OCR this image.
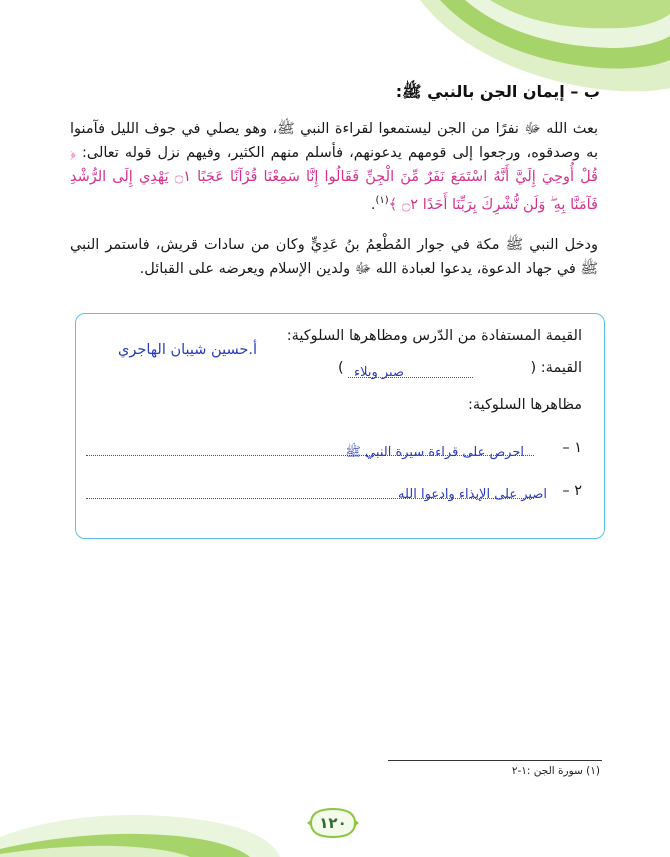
ب – إيمان الجن بالنبي ﷺ:
بعث الله ﷻ نفرًا من الجن ليستمعوا لقراءة النبي ﷺ، وهو يصلي في جوف الليل فآمنوا به وصدقوه، ورجعوا إلى قومهم يدعونهم، فأسلم منهم الكثير، وفيهم نزل قوله تعالى: ﴿ قُلْ أُوحِيَ إِلَيَّ أَنَّهُ اسْتَمَعَ نَفَرٌ مِّنَ الْجِنِّ فَقَالُوا إِنَّا سَمِعْنَا قُرْآنًا عَجَبًا ۝١ يَهْدِي إِلَى الرُّشْدِ فَآمَنَّا بِهِ ۖ وَلَن نُّشْرِكَ بِرَبِّنَا أَحَدًا ۝٢ ﴾$^{(١)}$.
ودخل النبي ﷺ مكة في جوار المُطْعِمُ بنُ عَدِيٍّ وكان من سادات قريش، فاستمر النبي ﷺ في جهاد الدعوة، يدعوا لعبادة الله ﷻ ولدين الإسلام ويعرضه على القبائل.
القيمة المستفادة من الدّرس ومظاهرها السلوكية:
أ.حسين شيبان الهاجري
القيمة: (
صبر وبلاء
)
مظاهرها السلوكية:
١ –
احرص على قراءة سيرة النبي ﷺ
٢ –
اصبر على الإيذاء وادعوا الله
(١) سورة الجن :١-٢
١٢٠
